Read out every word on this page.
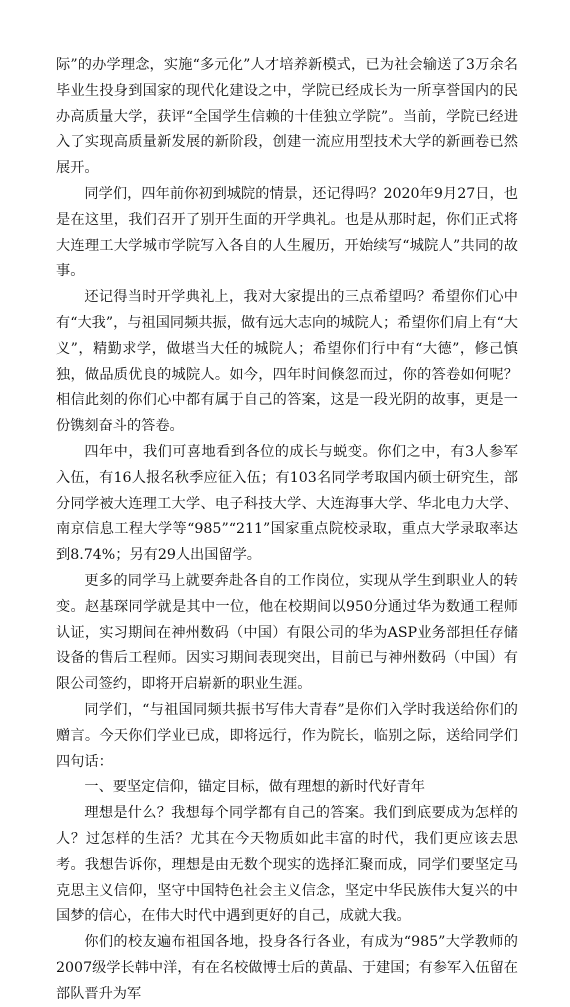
际”的办学理念，实施“多元化”人才培养新模式，已为社会输送了3万余名毕业生投身到国家的现代化建设之中，学院已经成长为一所享誉国内的民办高质量大学，获评“全国学生信赖的十佳独立学院”。当前，学院已经进入了实现高质量新发展的新阶段，创建一流应用型技术大学的新画卷已然展开。

同学们，四年前你初到城院的情景，还记得吗？2020年9月27日，也是在这里，我们召开了别开生面的开学典礼。也是从那时起，你们正式将大连理工大学城市学院写入各自的人生履历，开始续写“城院人”共同的故事。

还记得当时开学典礼上，我对大家提出的三点希望吗？希望你们心中有“大我”，与祖国同频共振，做有远大志向的城院人；希望你们肩上有“大义”，精勤求学，做堪当大任的城院人；希望你们行中有“大德”，修己慎独，做品质优良的城院人。如今，四年时间倏忽而过，你的答卷如何呢？相信此刻的你们心中都有属于自己的答案，这是一段光阴的故事，更是一份镌刻奋斗的答卷。

四年中，我们可喜地看到各位的成长与蜕变。你们之中，有3人参军入伍，有16人报名秋季应征入伍；有103名同学考取国内硕士研究生，部分同学被大连理工大学、电子科技大学、大连海事大学、华北电力大学、南京信息工程大学等“985”“211”国家重点院校录取，重点大学录取率达到8.74%；另有29人出国留学。

更多的同学马上就要奔赴各自的工作岗位，实现从学生到职业人的转变。赵基琛同学就是其中一位，他在校期间以950分通过华为数通工程师认证，实习期间在神州数码（中国）有限公司的华为ASP业务部担任存储设备的售后工程师。因实习期间表现突出，目前已与神州数码（中国）有限公司签约，即将开启崭新的职业生涯。

同学们，“与祖国同频共振书写伟大青春”是你们入学时我送给你们的赠言。今天你们学业已成，即将远行，作为院长，临别之际，送给同学们四句话：

一、要坚定信仰，锚定目标，做有理想的新时代好青年

理想是什么？我想每个同学都有自己的答案。我们到底要成为怎样的人？过怎样的生活？尤其在今天物质如此丰富的时代，我们更应该去思考。我想告诉你，理想是由无数个现实的选择汇聚而成，同学们要坚定马克思主义信仰，坚守中国特色社会主义信念，坚定中华民族伟大复兴的中国梦的信心，在伟大时代中遇到更好的自己，成就大我。

你们的校友遍布祖国各地，投身各行各业，有成为“985”大学教师的2007级学长韩中洋，有在名校做博士后的黄晶、于建国；有参军入伍留在部队晋升为军
